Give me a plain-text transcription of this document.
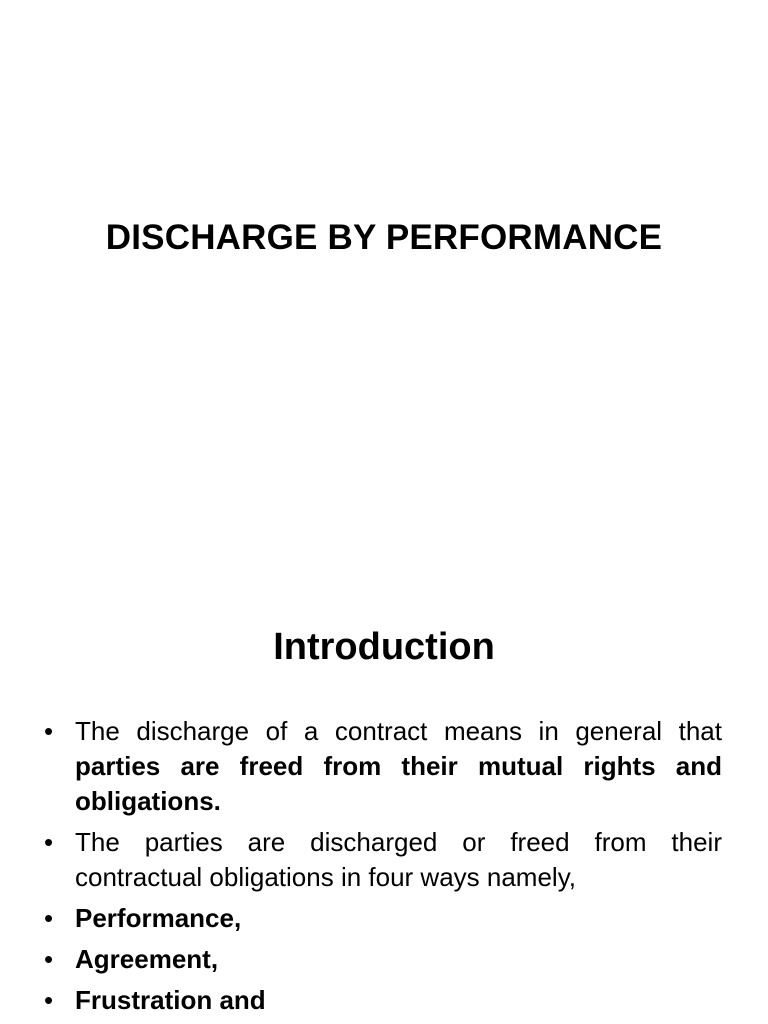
DISCHARGE BY PERFORMANCE
Introduction
• The discharge of a contract means in general that parties are freed from their mutual rights and obligations.
• The parties are discharged or freed from their contractual obligations in four ways namely,
• Performance,
• Agreement,
• Frustration and
